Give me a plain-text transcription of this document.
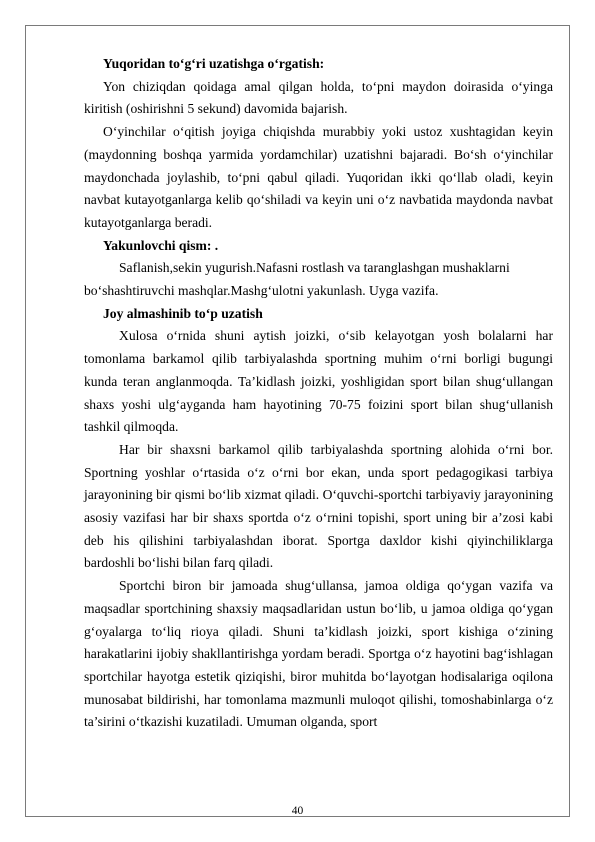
Yuqoridan to‘g‘ri uzatishga o‘rgatish:

Yon chiziqdan qoidaga amal qilgan holda, to‘pni maydon doirasida o‘yinga kiritish (oshirishni 5 sekund) davomida bajarish.

O‘yinchilar o‘qitish joyiga chiqishda murabbiy yoki ustoz xushtagidan keyin (maydonning boshqa yarmida yordamchilar) uzatishni bajaradi. Bo‘sh o‘yinchilar maydonchada joylashib, to‘pni qabul qiladi. Yuqoridan ikki qo‘llab oladi, keyin navbat kutayotganlarga kelib qo‘shiladi va keyin uni o‘z navbatida maydonda navbat kutayotganlarga beradi.

Yakunlovchi qism: .

Saflanish,sekin yugurish.Nafasni rostlash va taranglashgan mushaklarni bo‘shashtiruvchi mashqlar.Mashg‘ulotni yakunlash. Uyga vazifa.

Joy almashinib to‘p uzatish

Xulosa o‘rnida shuni aytish joizki, o‘sib kelayotgan yosh bolalarni har tomonlama barkamol qilib tarbiyalashda sportning muhim o‘rni borligi bugungi kunda teran anglanmoqda. Ta’kidlash joizki, yoshligidan sport bilan shug‘ullangan shaxs yoshi ulg‘ayganda ham hayotining 70-75 foizini sport bilan shug‘ullanish tashkil qilmoqda.

Har bir shaxsni barkamol qilib tarbiyalashda sportning alohida o‘rni bor. Sportning yoshlar o‘rtasida o‘z o‘rni bor ekan, unda sport pedagogikasi tarbiya jarayonining bir qismi bo‘lib xizmat qiladi. O‘quvchi-sportchi tarbiyaviy jarayonining asosiy vazifasi har bir shaxs sportda o‘z o‘rnini topishi, sport uning bir a’zosi kabi deb his qilishini tarbiyalashdan iborat. Sportga daxldor kishi qiyinchiliklarga bardoshli bo‘lishi bilan farq qiladi.

Sportchi biron bir jamoada shug‘ullansa, jamoa oldiga qo‘ygan vazifa va maqsadlar sportchining shaxsiy maqsadlaridan ustun bo‘lib, u jamoa oldiga qo‘ygan g‘oyalarga to‘liq rioya qiladi. Shuni ta’kidlash joizki, sport kishiga o‘zining harakatlarini ijobiy shakllantirishga yordam beradi. Sportga o‘z hayotini bag‘ishlagan sportchilar hayotga estetik qiziqishi, biror muhitda bo‘layotgan hodisalariga oqilona munosabat bildirishi, har tomonlama mazmunli muloqot qilishi, tomoshabinlarga o‘z ta’sirini o‘tkazishi kuzatiladi. Umuman olganda, sport

40
